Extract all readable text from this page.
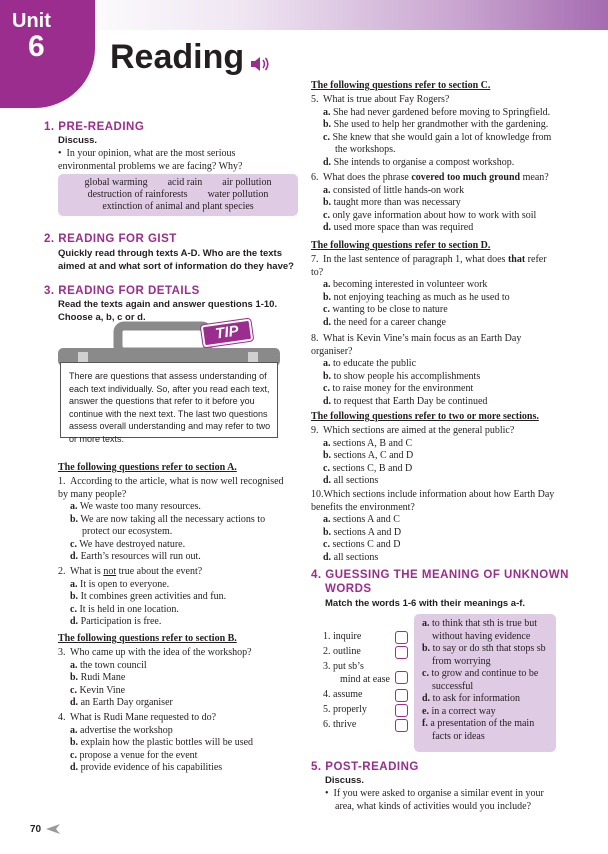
Unit
6 Reading
1. PRE-READING
Discuss.
•  In your opinion, what are the most serious environmental problems we are facing? Why?
global warming        acid rain        air pollution
destruction of rainforests        water pollution
extinction of animal and plant species
2. READING FOR GIST
Quickly read through texts A-D. Who are the texts aimed at and what sort of information do they have?
3. READING FOR DETAILS
Read the texts again and answer questions 1-10. Choose a, b, c or d.
TIP
There are questions that assess understanding of each text individually. So, after you read each text, answer the questions that refer to it before you continue with the next text. The last two questions assess overall understanding and may refer to two or more texts.
The following questions refer to section A.
1. According to the article, what is now well recognised by many people?
a. We waste too many resources.
b. We are now taking all the necessary actions to protect our ecosystem.
c. We have destroyed nature.
d. Earth’s resources will run out.
2. What is not true about the event?
a. It is open to everyone.
b. It combines green activities and fun.
c. It is held in one location.
d. Participation is free.
The following questions refer to section B.
3. Who came up with the idea of the workshop?
a. the town council
b. Rudi Mane
c. Kevin Vine
d. an Earth Day organiser
4. What is Rudi Mane requested to do?
a. advertise the workshop
b. explain how the plastic bottles will be used
c. propose a venue for the event
d. provide evidence of his capabilities
The following questions refer to section C.
5. What is true about Fay Rogers?
a. She had never gardened before moving to Springfield.
b. She used to help her grandmother with the gardening.
c. She knew that she would gain a lot of knowledge from the workshops.
d. She intends to organise a compost workshop.
6. What does the phrase covered too much ground mean?
a. consisted of little hands-on work
b. taught more than was necessary
c. only gave information about how to work with soil
d. used more space than was required
The following questions refer to section D.
7. In the last sentence of paragraph 1, what does that refer to?
a. becoming interested in volunteer work
b. not enjoying teaching as much as he used to
c. wanting to be close to nature
d. the need for a career change
8. What is Kevin Vine’s main focus as an Earth Day organiser?
a. to educate the public
b. to show people his accomplishments
c. to raise money for the environment
d. to request that Earth Day be continued
The following questions refer to two or more sections.
9. Which sections are aimed at the general public?
a. sections A, B and C
b. sections A, C and D
c. sections C, B and D
d. all sections
10.Which sections include information about how Earth Day benefits the environment?
a. sections A and C
b. sections A and D
c. sections C and D
d. all sections
4. GUESSING THE MEANING OF UNKNOWN
WORDS
Match the words 1-6 with their meanings a-f.
1. inquire
2. outline
3. put sb’s
mind at ease
4. assume
5. properly
6. thrive
a. to think that sth is true but without having evidence
b. to say or do sth that stops sb from worrying
c. to grow and continue to be successful
d. to ask for information
e. in a correct way
f. a presentation of the main facts or ideas
5. POST-READING
Discuss.
•  If you were asked to organise a similar event in your area, what kinds of activities would you include?
70
